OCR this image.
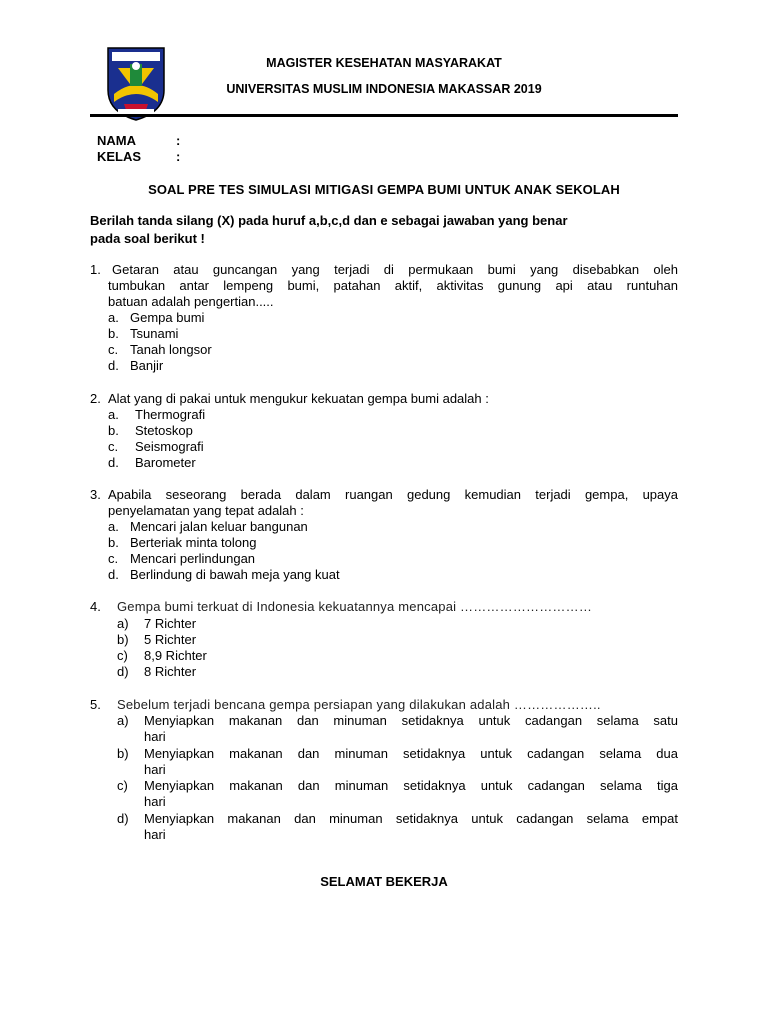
MAGISTER KESEHATAN MASYARAKAT
UNIVERSITAS MUSLIM INDONESIA MAKASSAR 2019
NAMA	:
KELAS	:
SOAL PRE TES SIMULASI MITIGASI GEMPA BUMI UNTUK ANAK SEKOLAH
Berilah tanda silang (X) pada huruf a,b,c,d dan e sebagai jawaban yang benar
pada soal berikut !
1. Getaran atau guncangan yang terjadi di permukaan bumi yang disebabkan oleh
tumbukan antar lempeng bumi, patahan aktif, aktivitas gunung api atau runtuhan
batuan adalah pengertian.....
a. Gempa bumi
b. Tsunami
c. Tanah longsor
d. Banjir
2. Alat yang di pakai untuk mengukur kekuatan gempa bumi adalah :
a. Thermografi
b. Stetoskop
c. Seismografi
d. Barometer
3. Apabila seseorang berada dalam ruangan gedung kemudian terjadi gempa, upaya
penyelamatan yang tepat adalah :
a. Mencari jalan keluar bangunan
b. Berteriak minta tolong
c. Mencari perlindungan
d. Berlindung di bawah meja yang kuat
4. Gempa bumi terkuat di Indonesia kekuatannya mencapai …………………………
a) 7 Richter
b) 5 Richter
c) 8,9 Richter
d) 8 Richter
5. Sebelum terjadi bencana gempa persiapan yang dilakukan adalah ………………..
a) Menyiapkan makanan dan minuman setidaknya untuk cadangan selama satu
hari
b) Menyiapkan makanan dan minuman setidaknya untuk cadangan selama dua
hari
c) Menyiapkan makanan dan minuman setidaknya untuk cadangan selama tiga
hari
d) Menyiapkan makanan dan minuman setidaknya untuk cadangan selama empat
hari
SELAMAT BEKERJA
